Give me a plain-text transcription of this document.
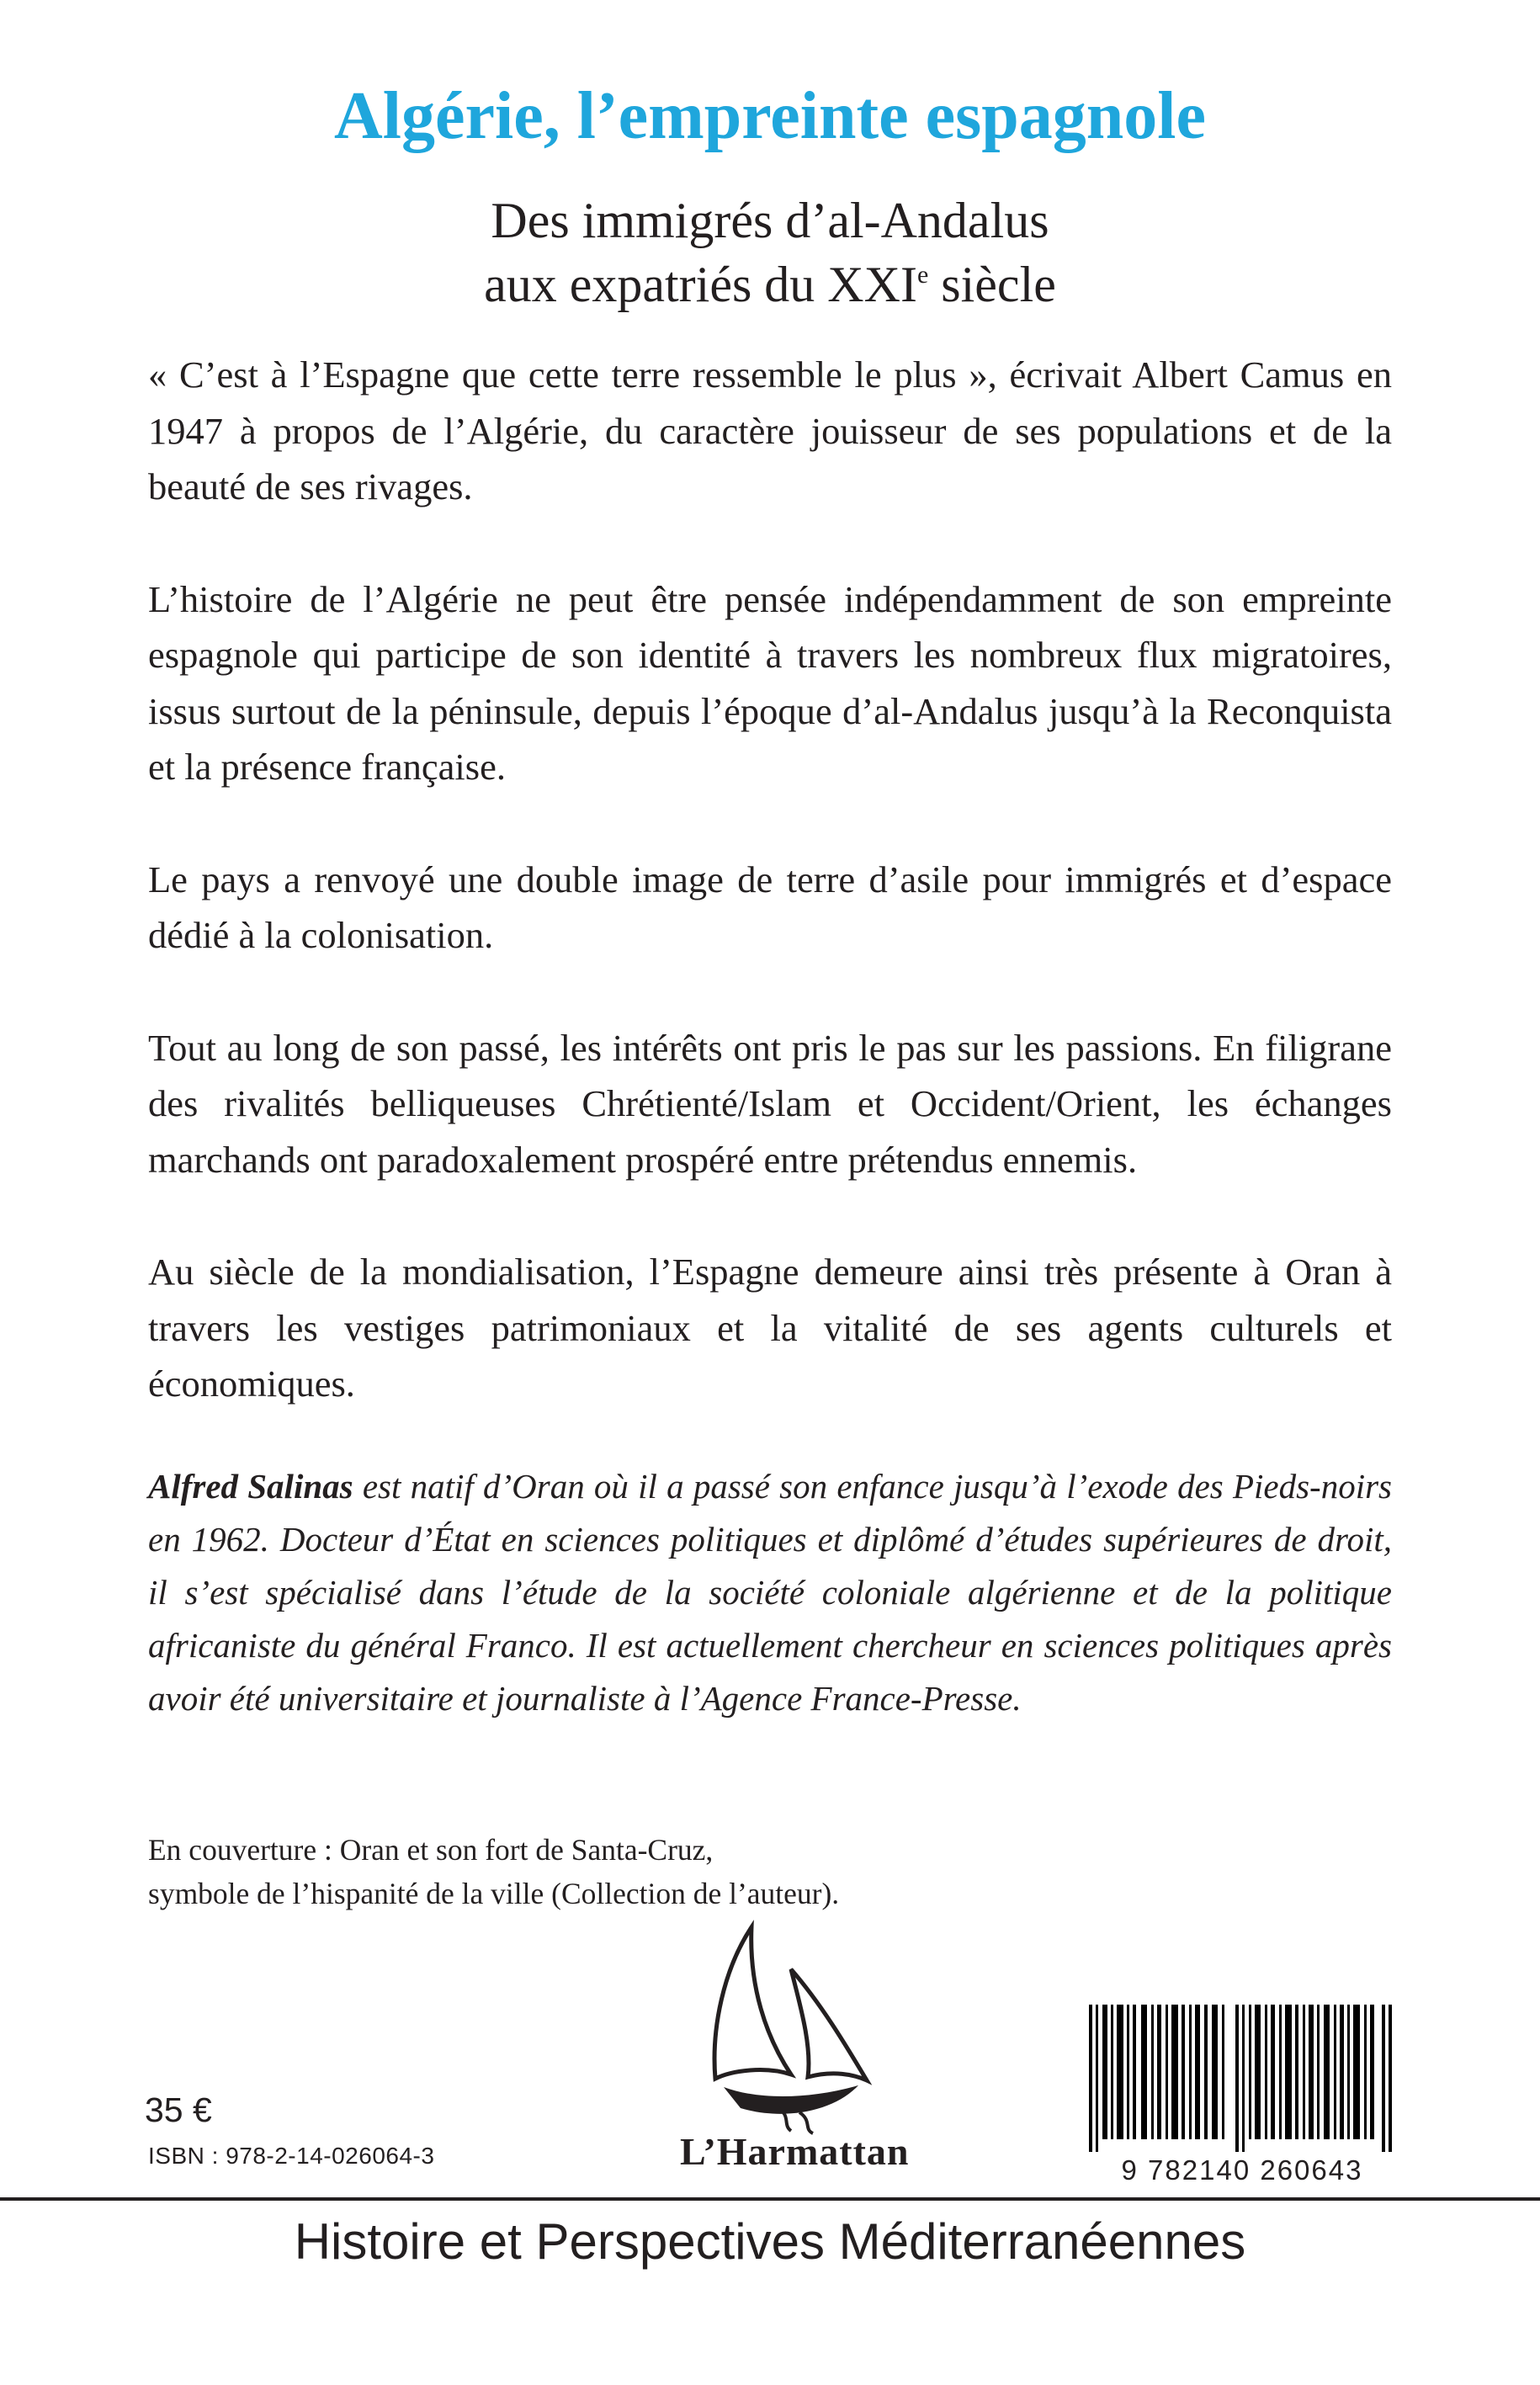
Algérie, l’empreinte espagnole
Des immigrés d’al-Andalus
aux expatriés du XXIe siècle

« C’est à l’Espagne que cette terre ressemble le plus », écrivait Albert Camus en 1947 à propos de l’Algérie, du caractère jouisseur de ses populations et de la beauté de ses rivages.

L’histoire de l’Algérie ne peut être pensée indépendamment de son empreinte espagnole qui participe de son identité à travers les nombreux flux migratoires, issus surtout de la péninsule, depuis l’époque d’al-Andalus jusqu’à la Reconquista et la présence française.

Le pays a renvoyé une double image de terre d’asile pour immigrés et d’espace dédié à la colonisation.

Tout au long de son passé, les intérêts ont pris le pas sur les passions. En filigrane des rivalités belliqueuses Chrétienté/Islam et Occident/Orient, les échanges marchands ont paradoxalement prospéré entre prétendus ennemis.

Au siècle de la mondialisation, l’Espagne demeure ainsi très présente à Oran à travers les vestiges patrimoniaux et la vitalité de ses agents culturels et économiques.

Alfred Salinas est natif d’Oran où il a passé son enfance jusqu’à l’exode des Pieds-noirs en 1962. Docteur d’État en sciences politiques et diplômé d’études supérieures de droit, il s’est spécialisé dans l’étude de la société coloniale algérienne et de la politique africaniste du général Franco. Il est actuellement chercheur en sciences politiques après avoir été universitaire et journaliste à l’Agence France-Presse.

En couverture : Oran et son fort de Santa-Cruz,
symbole de l’hispanité de la ville (Collection de l’auteur).
35 €
ISBN : 978-2-14-026064-3	L’Harmattan	9 782140 260643
Histoire et Perspectives Méditerranéennes
